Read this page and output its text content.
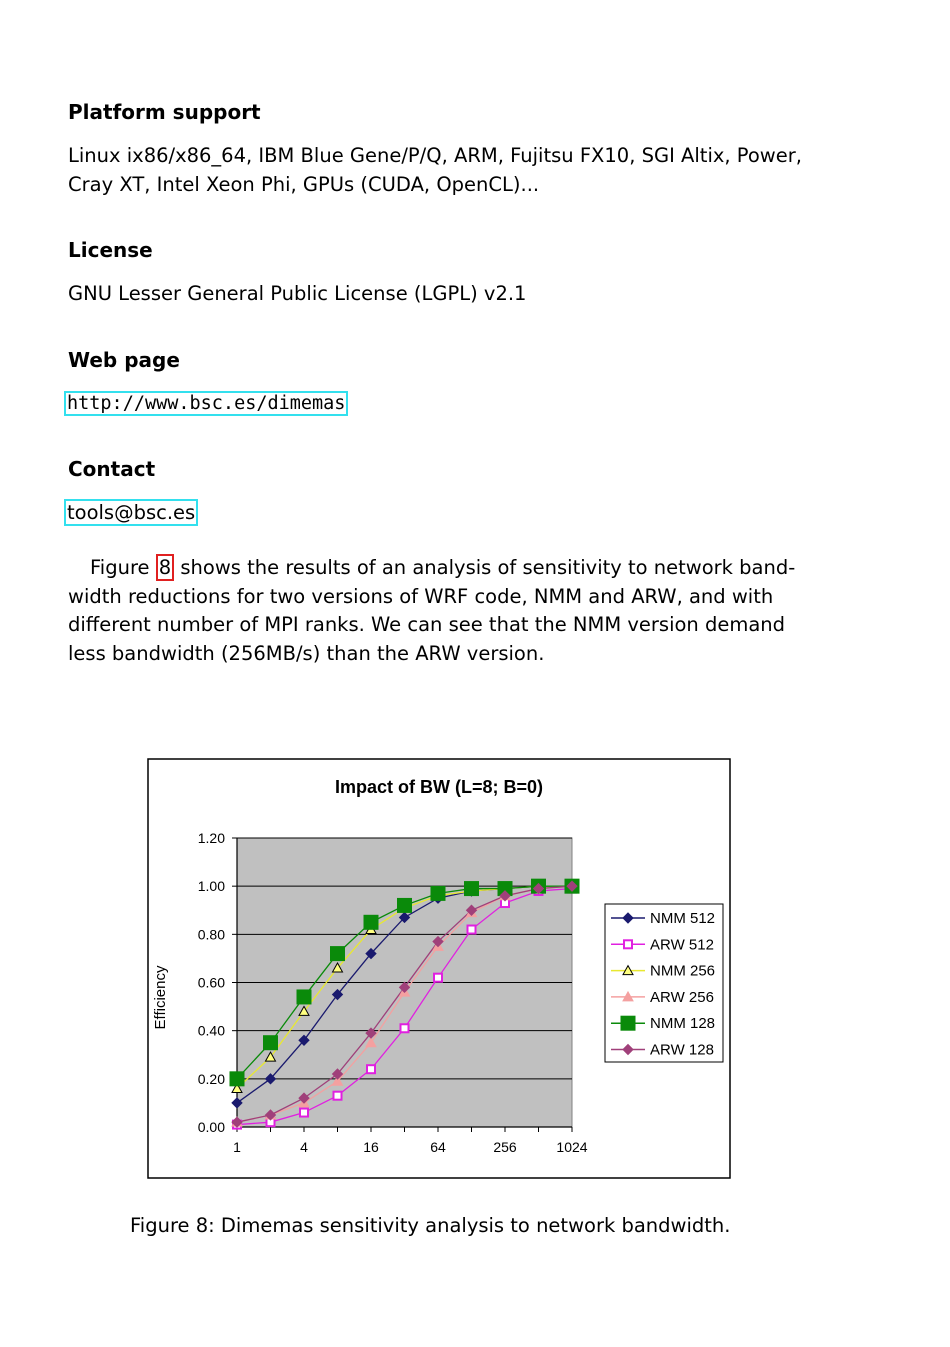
Platform support
Linux ix86/x86_64, IBM Blue Gene/P/Q, ARM, Fujitsu FX10, SGI Altix, Power,
Cray XT, Intel Xeon Phi, GPUs (CUDA, OpenCL)...
License
GNU Lesser General Public License (LGPL) v2.1
Web page
http://www.bsc.es/dimemas
Contact
tools@bsc.es
Figure 8 shows the results of an analysis of sensitivity to network band-
width reductions for two versions of WRF code, NMM and ARW, and with
different number of MPI ranks. We can see that the NMM version demand
less bandwidth (256MB/s) than the ARW version.
0.00
0.20
0.40
0.60
0.80
1.00
1.20
1	4	16	64	256	1024
Impact of BW (L=8; B=0)
Efficiency
NMM 512
ARW 512
NMM 256
ARW 256
NMM 128
ARW 128
Figure 8: Dimemas sensitivity analysis to network bandwidth.
